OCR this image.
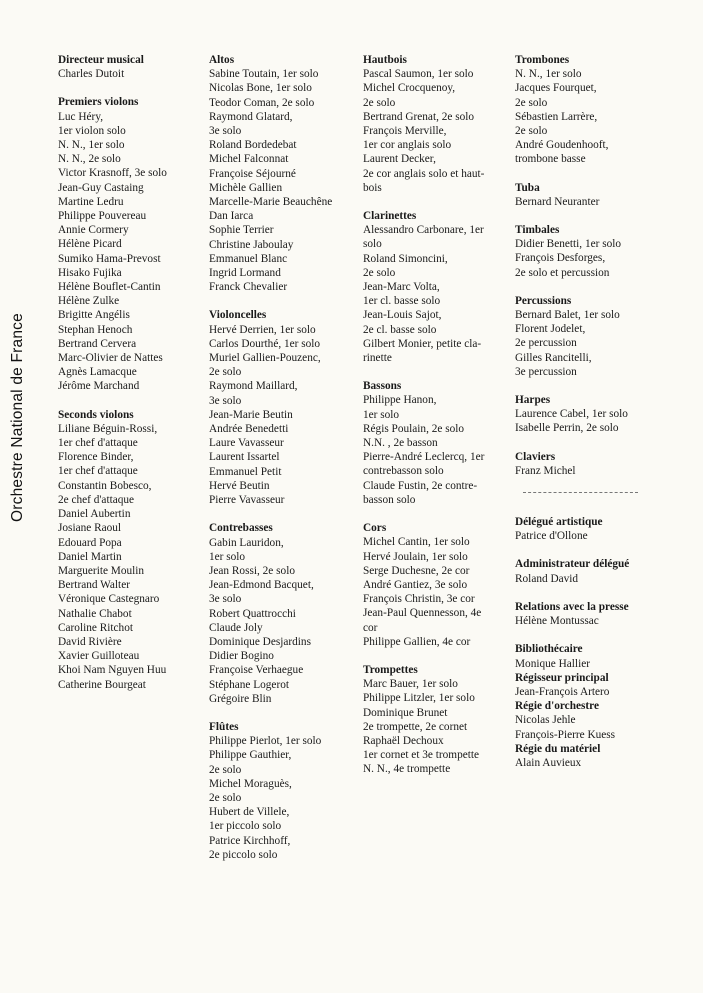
Orchestre National de France
Directeur musical
Charles Dutoit
Premiers violons
Luc Héry,
1er violon solo
N. N., 1er solo
N. N., 2e solo
Victor Krasnoff, 3e solo
Jean-Guy Castaing
Martine Ledru
Philippe Pouvereau
Annie Cormery
Hélène Picard
Sumiko Hama-Prevost
Hisako Fujika
Hélène Bouflet-Cantin
Hélène Zulke
Brigitte Angélis
Stephan Henoch
Bertrand Cervera
Marc-Olivier de Nattes
Agnès Lamacque
Jérôme Marchand
Seconds violons
Liliane Béguin-Rossi,
1er chef d'attaque
Florence Binder,
1er chef d'attaque
Constantin Bobesco,
2e chef d'attaque
Daniel Aubertin
Josiane Raoul
Edouard Popa
Daniel Martin
Marguerite Moulin
Bertrand Walter
Véronique Castegnaro
Nathalie Chabot
Caroline Ritchot
David Rivière
Xavier Guilloteau
Khoi Nam Nguyen Huu
Catherine Bourgeat
Altos
Sabine Toutain, 1er solo
Nicolas Bone, 1er solo
Teodor Coman, 2e solo
Raymond Glatard,
3e solo
Roland Bordedebat
Michel Falconnat
Françoise Séjourné
Michèle Gallien
Marcelle-Marie Beauchêne
Dan Iarca
Sophie Terrier
Christine Jaboulay
Emmanuel Blanc
Ingrid Lormand
Franck Chevalier
Violoncelles
Hervé Derrien, 1er solo
Carlos Dourthé, 1er solo
Muriel Gallien-Pouzenc,
2e solo
Raymond Maillard,
3e solo
Jean-Marie Beutin
Andrée Benedetti
Laure Vavasseur
Laurent Issartel
Emmanuel Petit
Hervé Beutin
Pierre Vavasseur
Contrebasses
Gabin Lauridon,
1er solo
Jean Rossi, 2e solo
Jean-Edmond Bacquet,
3e solo
Robert Quattrocchi
Claude Joly
Dominique Desjardins
Didier Bogino
Françoise Verhaegue
Stéphane Logerot
Grégoire Blin
Flûtes
Philippe Pierlot, 1er solo
Philippe Gauthier,
2e solo
Michel Moraguès,
2e solo
Hubert de Villele,
1er piccolo solo
Patrice Kirchhoff,
2e piccolo solo
Hautbois
Pascal Saumon, 1er solo
Michel Crocquenoy,
2e solo
Bertrand Grenat, 2e solo
François Merville,
1er cor anglais solo
Laurent Decker,
2e cor anglais solo et haut-
bois
Clarinettes
Alessandro Carbonare, 1er
solo
Roland Simoncini,
2e solo
Jean-Marc Volta,
1er cl. basse solo
Jean-Louis Sajot,
2e cl. basse solo
Gilbert Monier, petite cla-
rinette
Bassons
Philippe Hanon,
1er solo
Régis Poulain, 2e solo
N.N. , 2e basson
Pierre-André Leclercq, 1er
contrebasson solo
Claude Fustin, 2e contre-
basson solo
Cors
Michel Cantin, 1er solo
Hervé Joulain, 1er solo
Serge Duchesne, 2e cor
André Gantiez, 3e solo
François Christin, 3e cor
Jean-Paul Quennesson, 4e
cor
Philippe Gallien, 4e cor
Trompettes
Marc Bauer, 1er solo
Philippe Litzler, 1er solo
Dominique Brunet
2e trompette, 2e cornet
Raphaël Dechoux
1er cornet et 3e trompette
N. N., 4e trompette
Trombones
N. N., 1er solo
Jacques Fourquet,
2e solo
Sébastien Larrère,
2e solo
André Goudenhooft,
trombone basse
Tuba
Bernard Neuranter
Timbales
Didier Benetti, 1er solo
François Desforges,
2e solo et percussion
Percussions
Bernard Balet, 1er solo
Florent Jodelet,
2e percussion
Gilles Rancitelli,
3e percussion
Harpes
Laurence Cabel, 1er solo
Isabelle Perrin, 2e solo
Claviers
Franz Michel
Délégué artistique
Patrice d'Ollone
Administrateur délégué
Roland David
Relations avec la presse
Hélène Montussac
Bibliothécaire
Monique Hallier
Régisseur principal
Jean-François Artero
Régie d'orchestre
Nicolas Jehle
François-Pierre Kuess
Régie du matériel
Alain Auvieux
